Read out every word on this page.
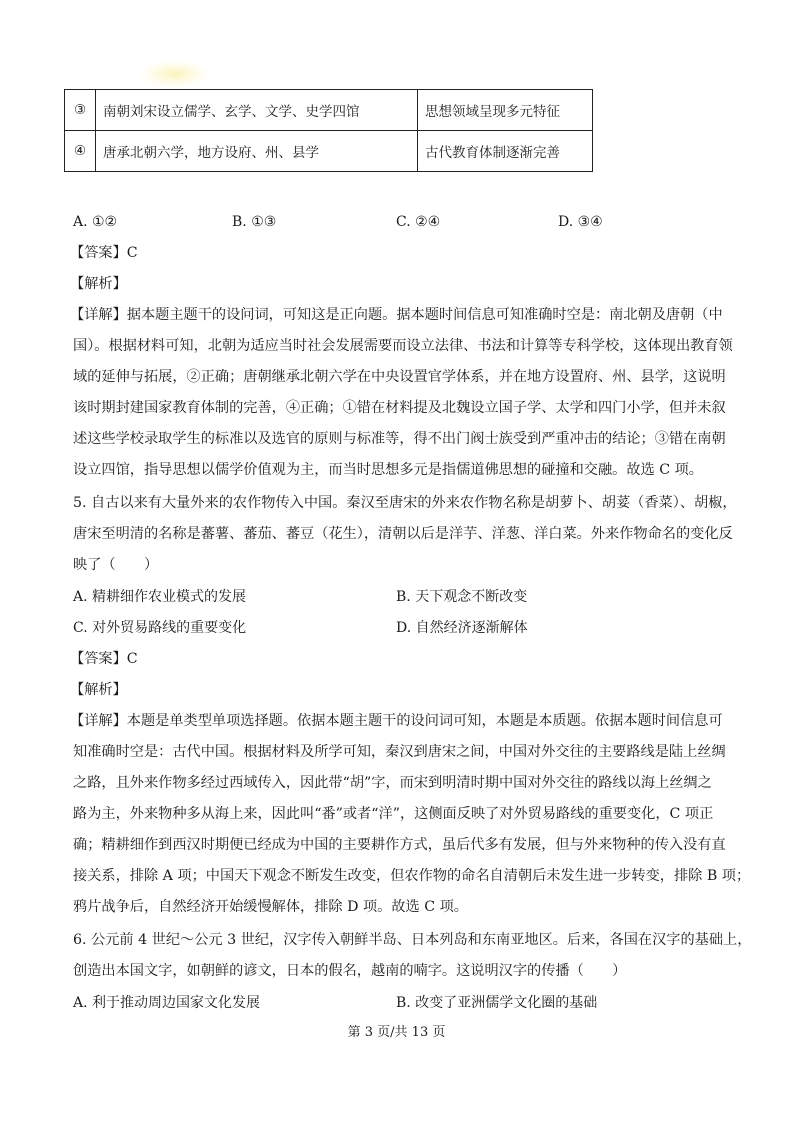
③	南朝刘宋设立儒学、玄学、文学、史学四馆	思想领域呈现多元特征
④	唐承北朝六学，地方设府、州、县学	古代教育体制逐渐完善
A. ①②	B. ①③	C. ②④	D. ③④
【答案】C
【解析】
【详解】据本题主题干的设问词，可知这是正向题。据本题时间信息可知准确时空是：南北朝及唐朝（中
国）。根据材料可知，北朝为适应当时社会发展需要而设立法律、书法和计算等专科学校，这体现出教育领
域的延伸与拓展，②正确；唐朝继承北朝六学在中央设置官学体系，并在地方设置府、州、县学，这说明
该时期封建国家教育体制的完善，④正确；①错在材料提及北魏设立国子学、太学和四门小学，但并未叙
述这些学校录取学生的标准以及选官的原则与标准等，得不出门阀士族受到严重冲击的结论；③错在南朝
设立四馆，指导思想以儒学价值观为主，而当时思想多元是指儒道佛思想的碰撞和交融。故选 C 项。
5. 自古以来有大量外来的农作物传入中国。秦汉至唐宋的外来农作物名称是胡萝卜、胡荽（香菜）、胡椒，
唐宋至明清的名称是蕃薯、蕃茄、蕃豆（花生），清朝以后是洋芋、洋葱、洋白菜。外来作物命名的变化反
映了（　　）
A. 精耕细作农业模式的发展	B. 天下观念不断改变
C. 对外贸易路线的重要变化	D. 自然经济逐渐解体
【答案】C
【解析】
【详解】本题是单类型单项选择题。依据本题主题干的设问词可知，本题是本质题。依据本题时间信息可
知准确时空是：古代中国。根据材料及所学可知，秦汉到唐宋之间，中国对外交往的主要路线是陆上丝绸
之路，且外来作物多经过西域传入，因此带“胡”字，而宋到明清时期中国对外交往的路线以海上丝绸之
路为主，外来物种多从海上来，因此叫“番”或者“洋”，这侧面反映了对外贸易路线的重要变化，C 项正
确；精耕细作到西汉时期便已经成为中国的主要耕作方式，虽后代多有发展，但与外来物种的传入没有直
接关系，排除 A 项；中国天下观念不断发生改变，但农作物的命名自清朝后未发生进一步转变，排除 B 项；
鸦片战争后，自然经济开始缓慢解体，排除 D 项。故选 C 项。
6. 公元前 4 世纪～公元 3 世纪，汉字传入朝鲜半岛、日本列岛和东南亚地区。后来，各国在汉字的基础上，
创造出本国文字，如朝鲜的谚文，日本的假名，越南的喃字。这说明汉字的传播（　　）
A. 利于推动周边国家文化发展	B. 改变了亚洲儒学文化圈的基础
第 3 页/共 13 页
